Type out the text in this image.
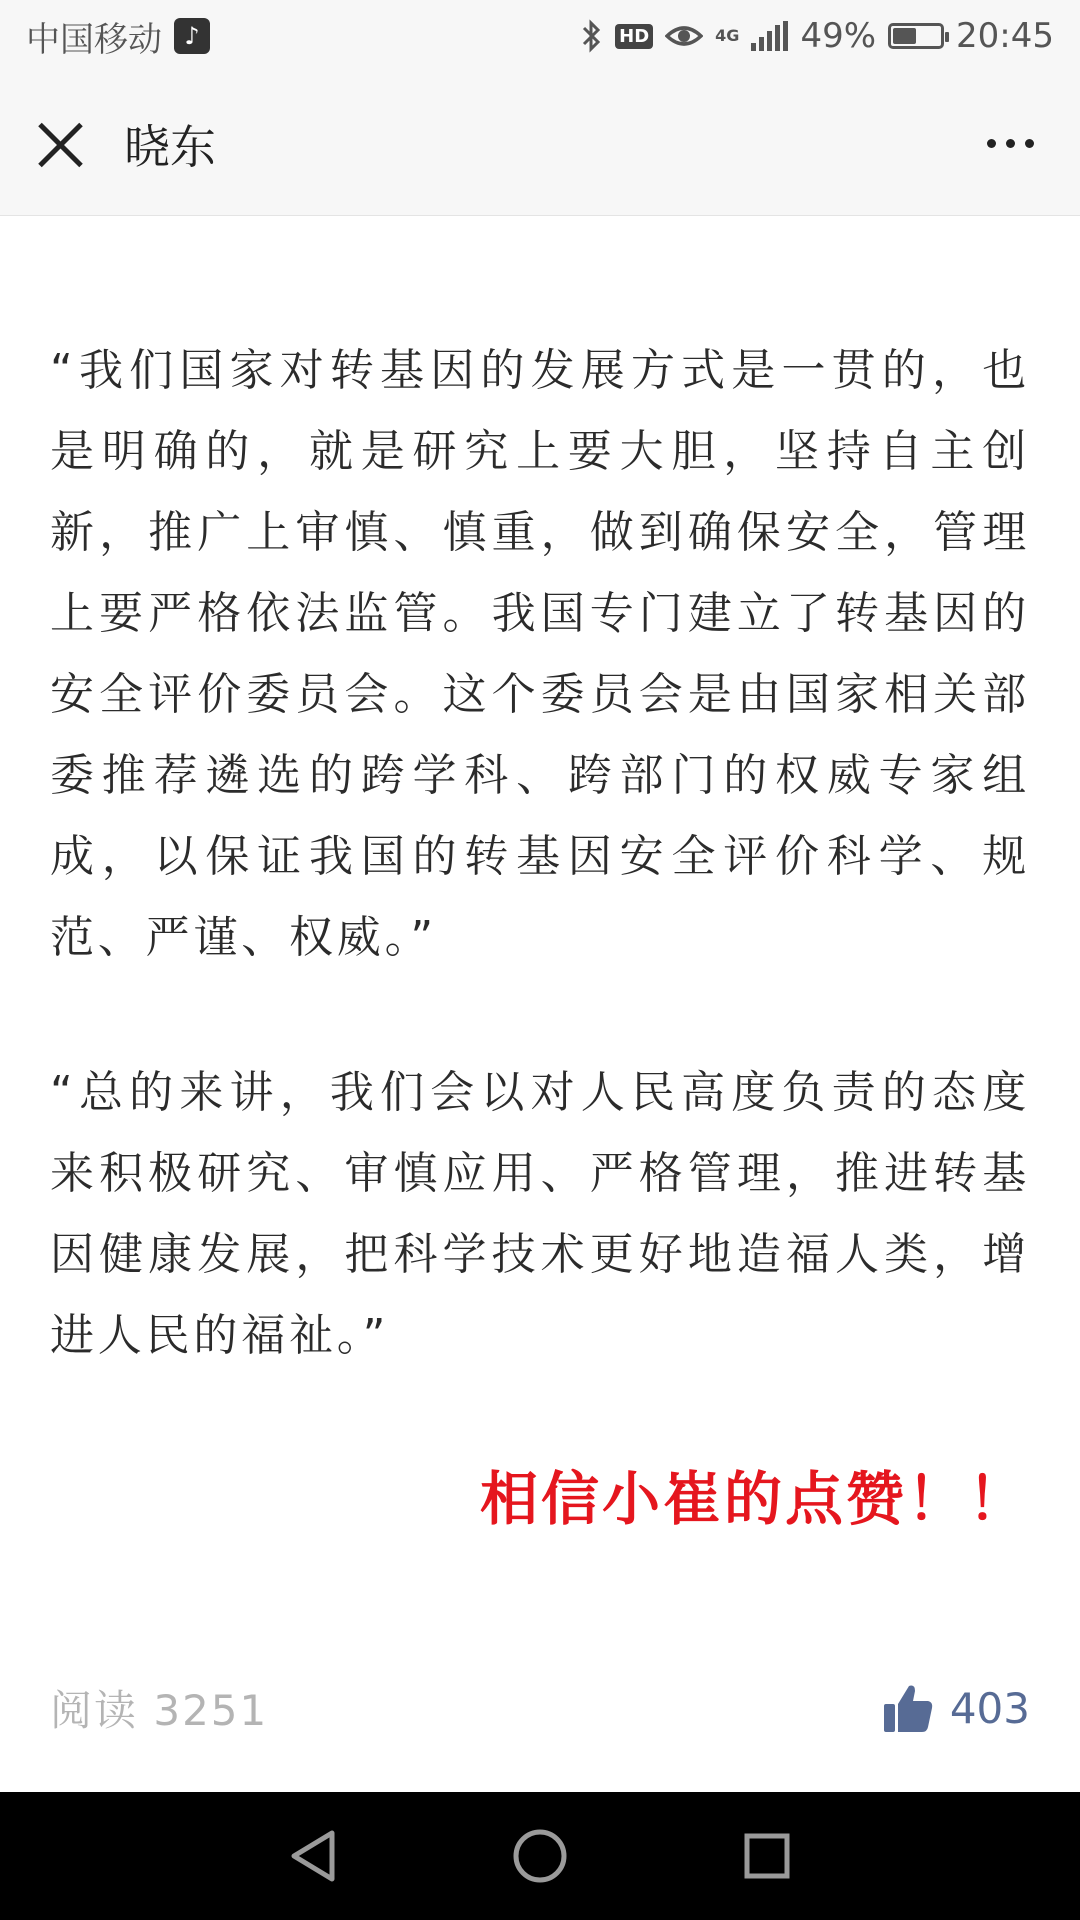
中国移动 ♪	HD	4G 49% 20:45
晓东

“我们国家对转基因的发展方式是一贯的，也是明确的，就是研究上要大胆，坚持自主创新，推广上审慎、慎重，做到确保安全，管理上要严格依法监管。我国专门建立了转基因的安全评价委员会。这个委员会是由国家相关部委推荐遴选的跨学科、跨部门的权威专家组成，以保证我国的转基因安全评价科学、规范、严谨、权威。”

“总的来讲，我们会以对人民高度负责的态度来积极研究、审慎应用、严格管理，推进转基因健康发展，把科学技术更好地造福人类，增进人民的福祉。”

相信小崔的点赞！！
阅读 3251	403
